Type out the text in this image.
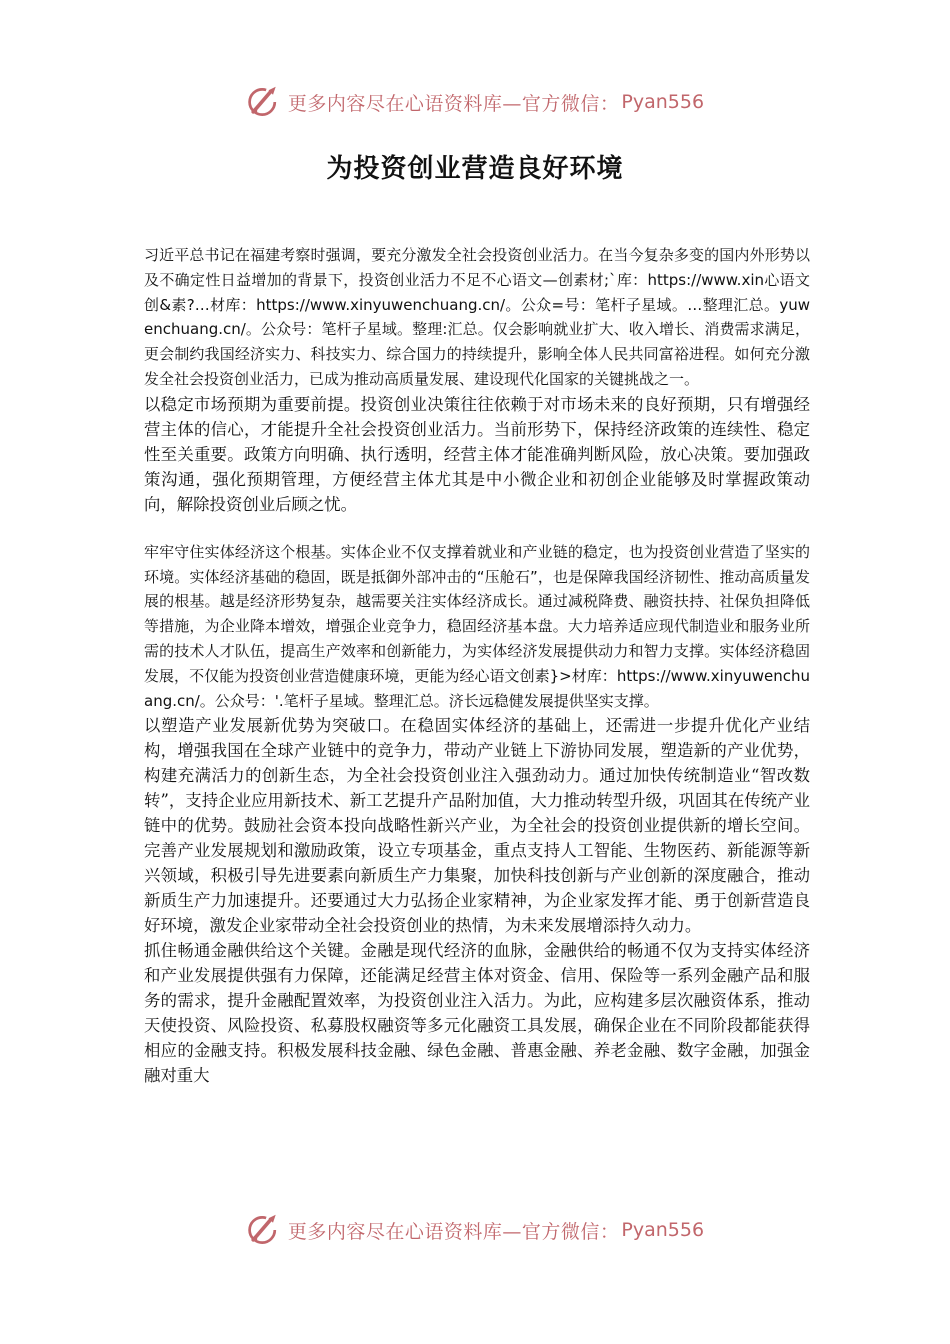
更多内容尽在心语资料库—官方微信： Pyan556
为投资创业营造良好环境

习近平总书记在福建考察时强调，要充分激发全社会投资创业活力。在当今复杂多变的国内外形势以及不确定性日益增加的背景下，投资创业活力不足不心语文—创素材;`库：https://www.xin心语文创&素?…材库：https://www.xinyuwenchuang.cn/。公众=号：笔杆子星域。…整理汇总。yuwenchuang.cn/。公众号：笔杆子星域。整理:汇总。仅会影响就业扩大、收入增长、消费需求满足，更会制约我国经济实力、科技实力、综合国力的持续提升，影响全体人民共同富裕进程。如何充分激发全社会投资创业活力，已成为推动高质量发展、建设现代化国家的关键挑战之一。

以稳定市场预期为重要前提。投资创业决策往往依赖于对市场未来的良好预期，只有增强经营主体的信心，才能提升全社会投资创业活力。当前形势下，保持经济政策的连续性、稳定性至关重要。政策方向明确、执行透明，经营主体才能准确判断风险，放心决策。要加强政策沟通，强化预期管理，方便经营主体尤其是中小微企业和初创企业能够及时掌握政策动向，解除投资创业后顾之忧。

牢牢守住实体经济这个根基。实体企业不仅支撑着就业和产业链的稳定，也为投资创业营造了坚实的环境。实体经济基础的稳固，既是抵御外部冲击的“压舱石”，也是保障我国经济韧性、推动高质量发展的根基。越是经济形势复杂，越需要关注实体经济成长。通过减税降费、融资扶持、社保负担降低等措施，为企业降本增效，增强企业竞争力，稳固经济基本盘。大力培养适应现代制造业和服务业所需的技术人才队伍，提高生产效率和创新能力，为实体经济发展提供动力和智力支撑。实体经济稳固发展，不仅能为投资创业营造健康环境，更能为经心语文创素}>材库：https://www.xinyuwenchuang.cn/。公众号：'.笔杆子星域。整理汇总。济长远稳健发展提供坚实支撑。

以塑造产业发展新优势为突破口。在稳固实体经济的基础上，还需进一步提升优化产业结构，增强我国在全球产业链中的竞争力，带动产业链上下游协同发展，塑造新的产业优势，构建充满活力的创新生态，为全社会投资创业注入强劲动力。通过加快传统制造业“智改数转”，支持企业应用新技术、新工艺提升产品附加值，大力推动转型升级，巩固其在传统产业链中的优势。鼓励社会资本投向战略性新兴产业，为全社会的投资创业提供新的增长空间。完善产业发展规划和激励政策，设立专项基金，重点支持人工智能、生物医药、新能源等新兴领域，积极引导先进要素向新质生产力集聚，加快科技创新与产业创新的深度融合，推动新质生产力加速提升。还要通过大力弘扬企业家精神，为企业家发挥才能、勇于创新营造良好环境，激发企业家带动全社会投资创业的热情，为未来发展增添持久动力。

抓住畅通金融供给这个关键。金融是现代经济的血脉，金融供给的畅通不仅为支持实体经济和产业发展提供强有力保障，还能满足经营主体对资金、信用、保险等一系列金融产品和服务的需求，提升金融配置效率，为投资创业注入活力。为此，应构建多层次融资体系，推动天使投资、风险投资、私募股权融资等多元化融资工具发展，确保企业在不同阶段都能获得相应的金融支持。积极发展科技金融、绿色金融、普惠金融、养老金融、数字金融，加强金融对重大

更多内容尽在心语资料库—官方微信： Pyan556
